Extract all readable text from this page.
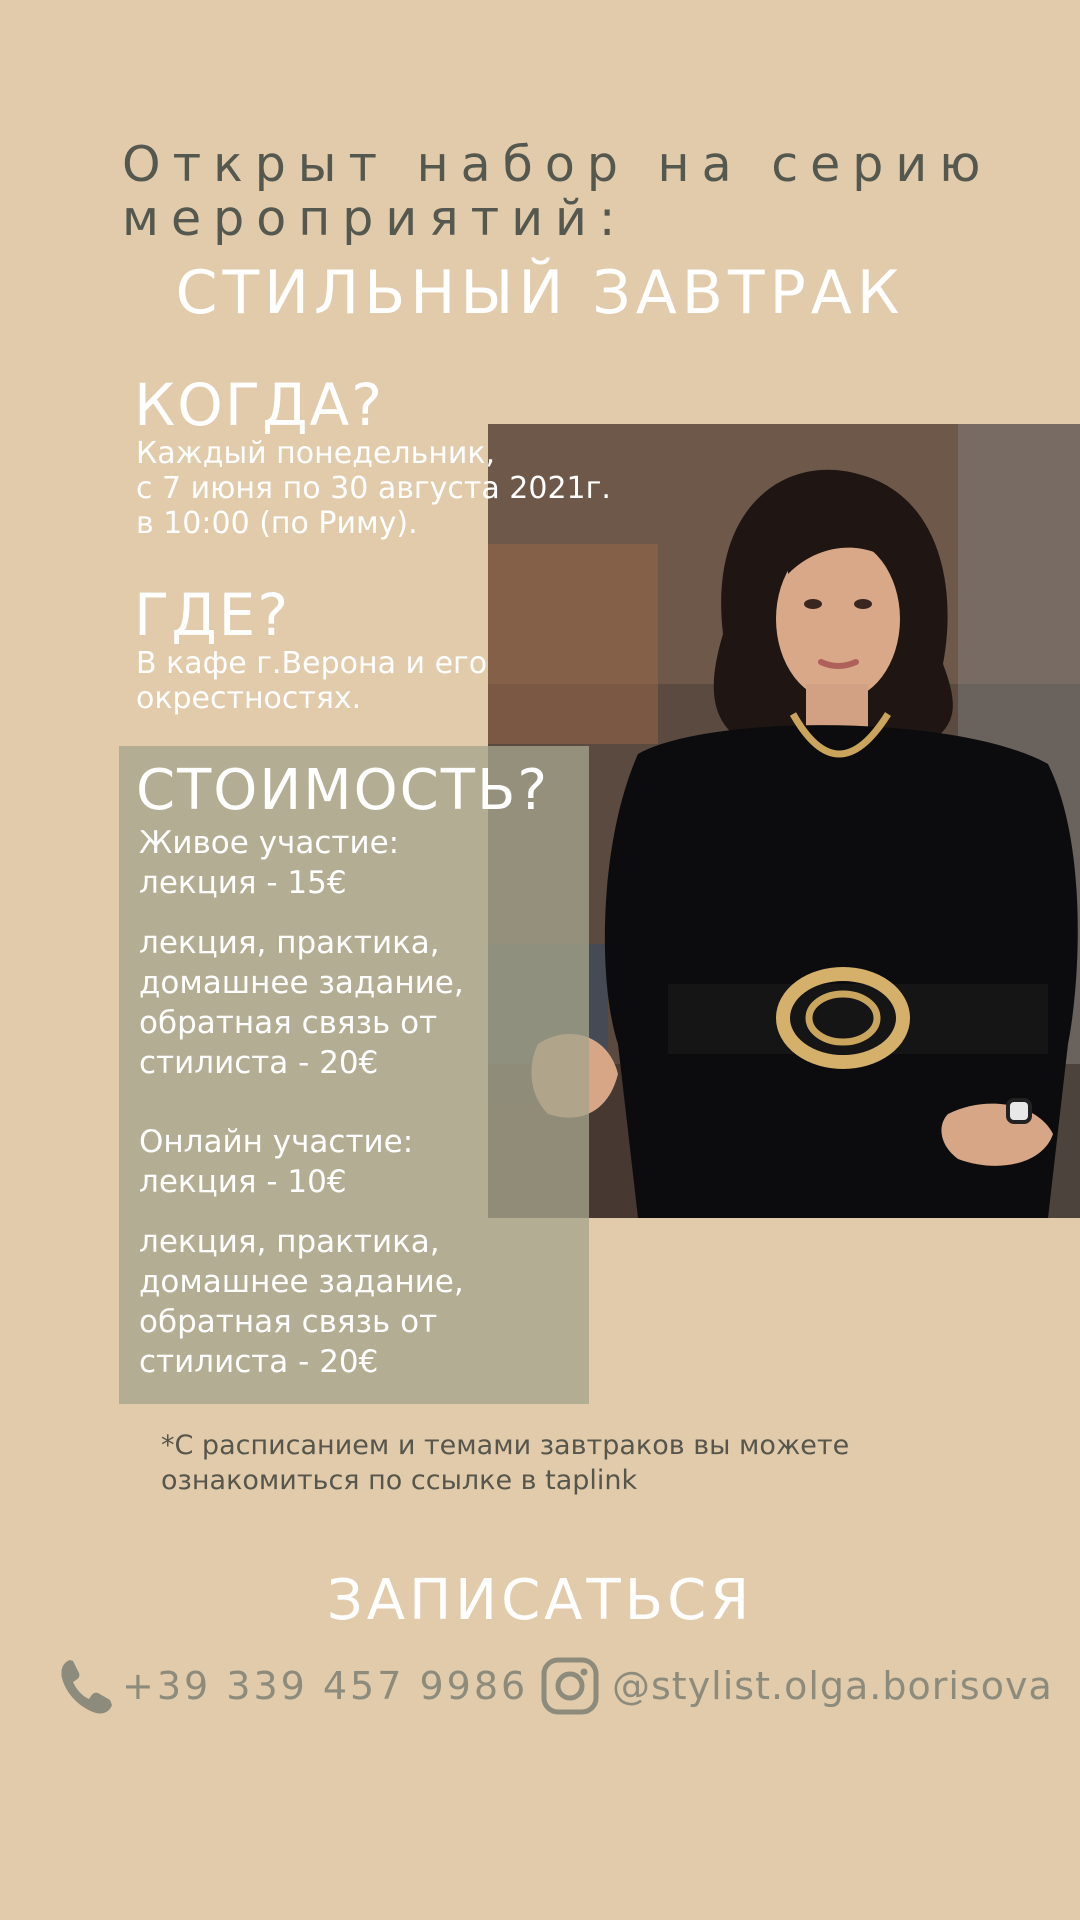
Открыт набор на серию
мероприятий:
СТИЛЬНЫЙ ЗАВТРАК
КОГДА?
Каждый понедельник,
с 7 июня по 30 августа 2021г.
в 10:00 (по Риму).
ГДЕ?
В кафе г.Верона и его
окрестностях.
СТОИМОСТЬ?
Живое участие:
лекция - 15€
лекция, практика,
домашнее задание,
обратная связь от
стилиста - 20€
Онлайн участие:
лекция - 10€
лекция, практика,
домашнее задание,
обратная связь от
стилиста - 20€
*С расписанием и темами завтраков вы можете
ознакомиться по ссылке в taplink
ЗАПИСАТЬСЯ
+39 339 457 9986 @stylist.olga.borisova
